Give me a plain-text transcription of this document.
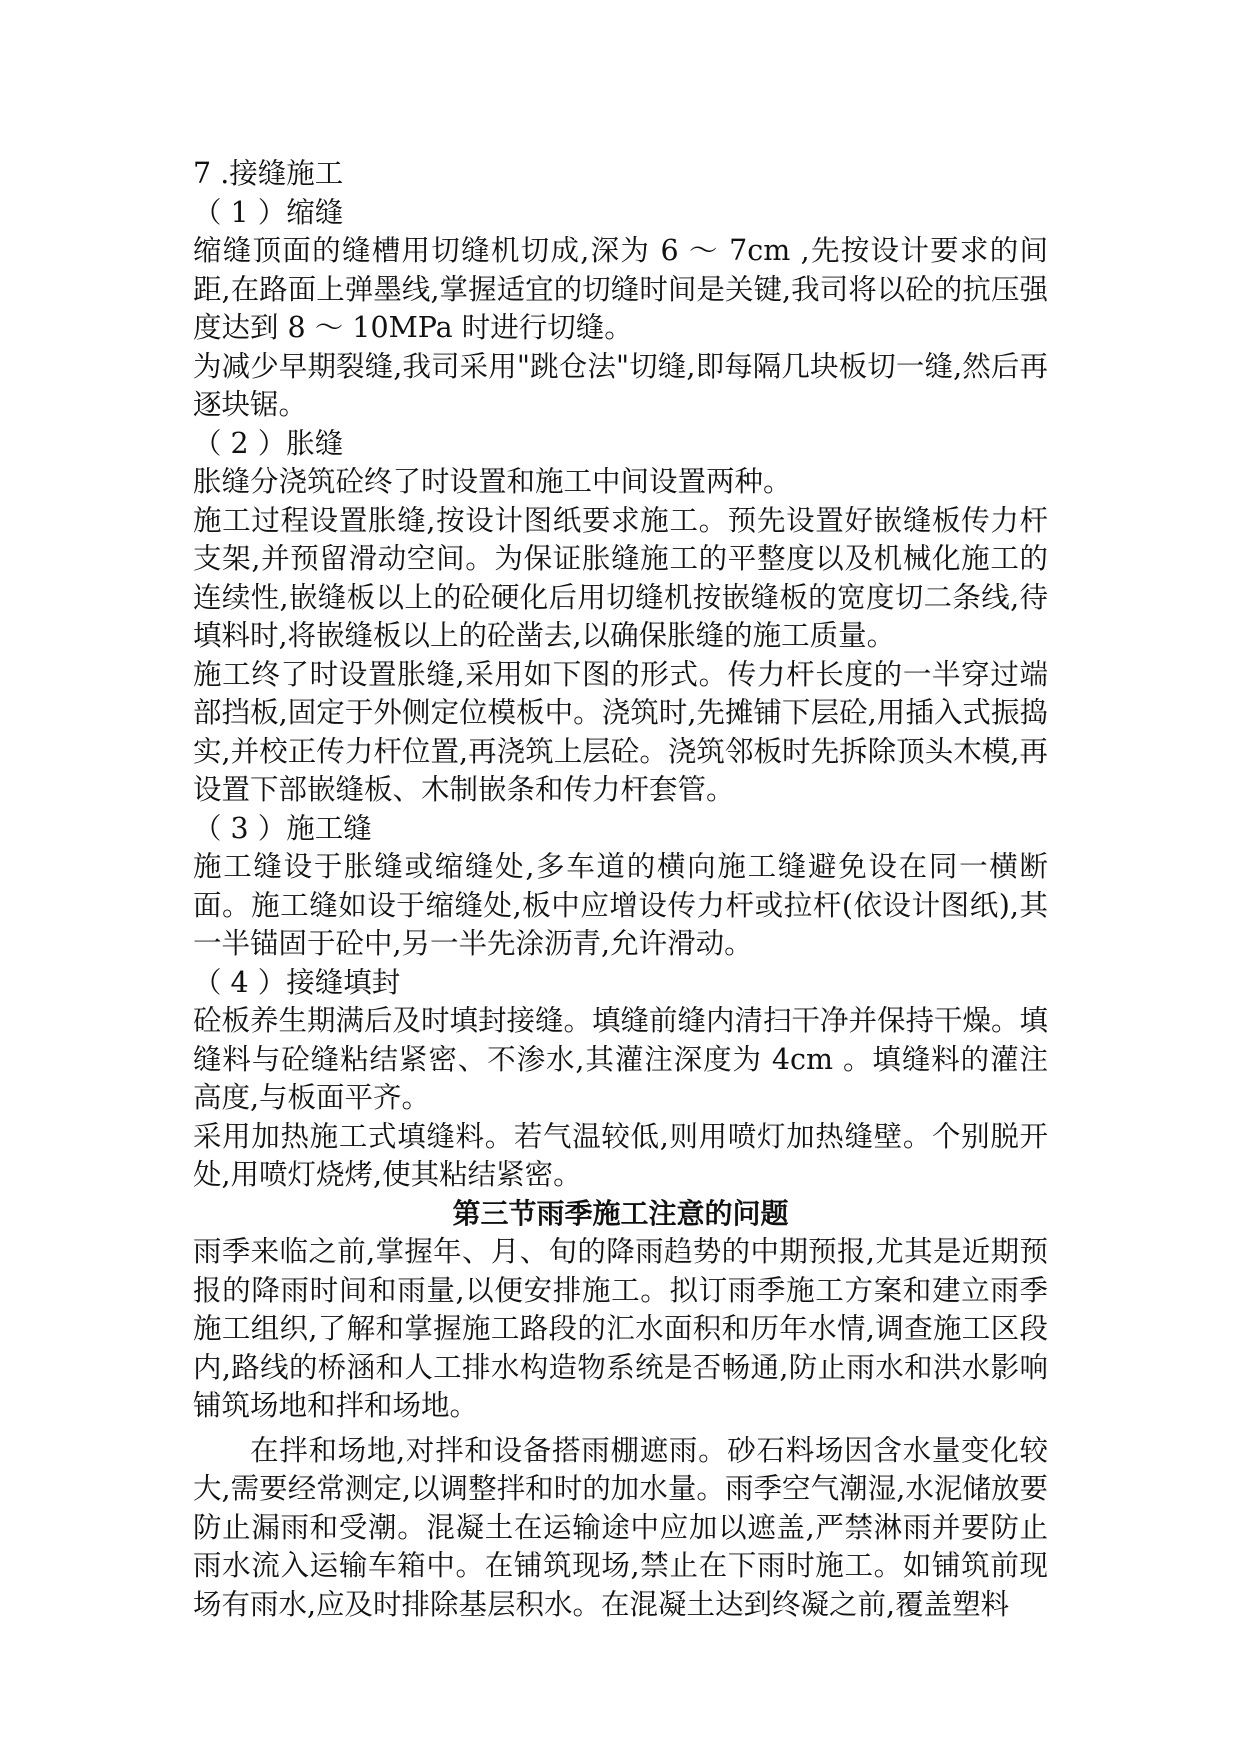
7 .接缝施工

（ 1 ）缩缝

缩缝顶面的缝槽用切缝机切成,深为 6 ～ 7cm ,先按设计要求的间距,在路面上弹墨线,掌握适宜的切缝时间是关键,我司将以砼的抗压强度达到 8 ～ 10MPa 时进行切缝。

为减少早期裂缝,我司采用"跳仓法"切缝,即每隔几块板切一缝,然后再逐块锯。

（ 2 ）胀缝

胀缝分浇筑砼终了时设置和施工中间设置两种。

施工过程设置胀缝,按设计图纸要求施工。预先设置好嵌缝板传力杆支架,并预留滑动空间。为保证胀缝施工的平整度以及机械化施工的连续性,嵌缝板以上的砼硬化后用切缝机按嵌缝板的宽度切二条线,待填料时,将嵌缝板以上的砼凿去,以确保胀缝的施工质量。

施工终了时设置胀缝,采用如下图的形式。传力杆长度的一半穿过端部挡板,固定于外侧定位模板中。浇筑时,先摊铺下层砼,用插入式振捣实,并校正传力杆位置,再浇筑上层砼。浇筑邻板时先拆除顶头木模,再设置下部嵌缝板、木制嵌条和传力杆套管。

（ 3 ）施工缝

施工缝设于胀缝或缩缝处,多车道的横向施工缝避免设在同一横断面。施工缝如设于缩缝处,板中应增设传力杆或拉杆(依设计图纸),其一半锚固于砼中,另一半先涂沥青,允许滑动。

（ 4 ）接缝填封

砼板养生期满后及时填封接缝。填缝前缝内清扫干净并保持干燥。填缝料与砼缝粘结紧密、不渗水,其灌注深度为 4cm 。填缝料的灌注高度,与板面平齐。

采用加热施工式填缝料。若气温较低,则用喷灯加热缝壁。个别脱开处,用喷灯烧烤,使其粘结紧密。

第三节雨季施工注意的问题

雨季来临之前,掌握年、月、旬的降雨趋势的中期预报,尤其是近期预报的降雨时间和雨量,以便安排施工。拟订雨季施工方案和建立雨季施工组织,了解和掌握施工路段的汇水面积和历年水情,调查施工区段内,路线的桥涵和人工排水构造物系统是否畅通,防止雨水和洪水影响铺筑场地和拌和场地。

在拌和场地,对拌和设备搭雨棚遮雨。砂石料场因含水量变化较大,需要经常测定,以调整拌和时的加水量。雨季空气潮湿,水泥储放要防止漏雨和受潮。混凝土在运输途中应加以遮盖,严禁淋雨并要防止雨水流入运输车箱中。在铺筑现场,禁止在下雨时施工。如铺筑前现场有雨水,应及时排除基层积水。在混凝土达到终凝之前,覆盖塑料
